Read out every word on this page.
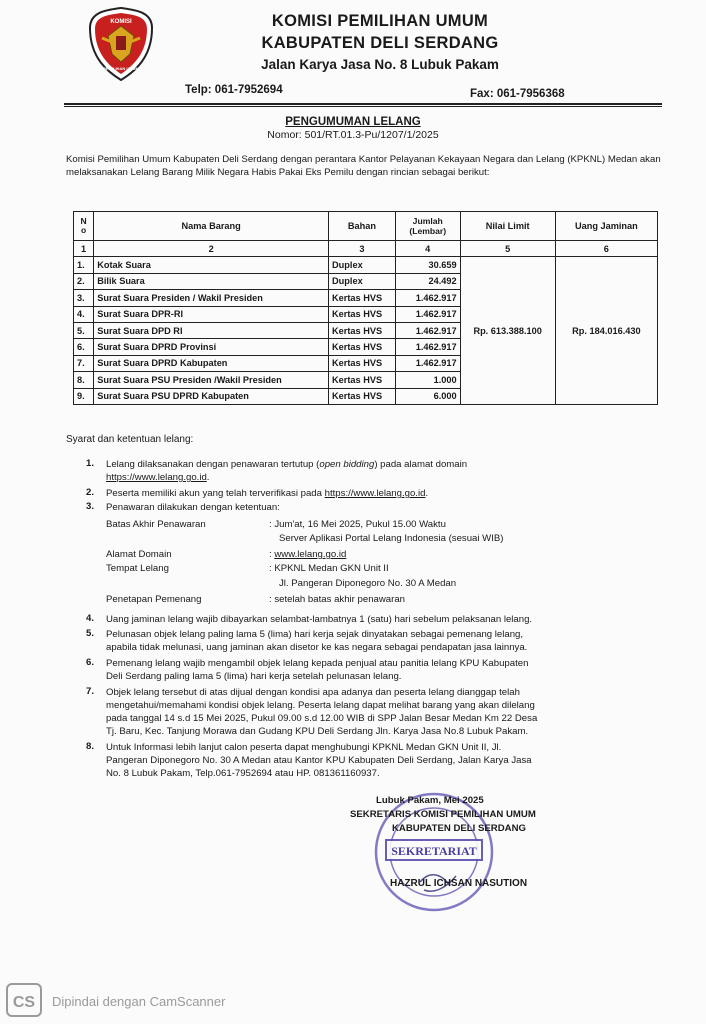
KOMISI
PEMILIHAN UMUM
KOMISI PEMILIHAN UMUM
KABUPATEN DELI SERDANG
Jalan Karya Jasa No. 8 Lubuk Pakam
Telp: 061-7952694	Fax: 061-7956368
PENGUMUMAN LELANG
Nomor: 501/RT.01.3-Pu/1207/1/2025
Komisi Pemilihan Umum Kabupaten Deli Serdang dengan perantara Kantor Pelayanan Kekayaan Negara dan Lelang (KPKNL) Medan akan melaksanakan Lelang Barang Milik Negara Habis Pakai Eks Pemilu dengan rincian sebagai berikut:
N o	Nama Barang	Bahan	Jumlah (Lembar)	Nilai Limit	Uang Jaminan
1	2	3	4	5	6
1.	Kotak Suara	Duplex	30.659	Rp. 613.388.100	Rp. 184.016.430
2.	Bilik Suara	Duplex	24.492		
3.	Surat Suara Presiden / Wakil Presiden	Kertas HVS	1.462.917		
4.	Surat Suara DPR-RI	Kertas HVS	1.462.917		
5.	Surat Suara DPD RI	Kertas HVS	1.462.917		
6.	Surat Suara DPRD Provinsi	Kertas HVS	1.462.917		
7.	Surat Suara DPRD Kabupaten	Kertas HVS	1.462.917		
8.	Surat Suara PSU Presiden /Wakil Presiden	Kertas HVS	1.000		
9.	Surat Suara PSU DPRD Kabupaten	Kertas HVS	6.000		
Syarat dan ketentuan lelang:
1. Lelang dilaksanakan dengan penawaran tertutup (open bidding) pada alamat domain
https://www.lelang.go.id.
2. Peserta memiliki akun yang telah terverifikasi pada https://www.lelang.go.id.
3. Penawaran dilakukan dengan ketentuan:
Batas Akhir Penawaran	: Jum'at, 16 Mei 2025, Pukul 15.00 Waktu
Server Aplikasi Portal Lelang Indonesia (sesuai WIB)
Alamat Domain	: www.lelang.go.id
Tempat Lelang	: KPKNL Medan GKN Unit II
Jl. Pangeran Diponegoro No. 30 A Medan
Penetapan Pemenang	: setelah batas akhir penawaran
4. Uang jaminan lelang wajib dibayarkan selambat-lambatnya 1 (satu) hari sebelum pelaksanan lelang.
5. Pelunasan objek lelang paling lama 5 (lima) hari kerja sejak dinyatakan sebagai pemenang lelang,
apabila tidak melunasi, uang jaminan akan disetor ke kas negara sebagai pendapatan jasa lainnya.
6. Pemenang lelang wajib mengambil objek lelang kepada penjual atau panitia lelang KPU Kabupaten
Deli Serdang paling lama 5 (lima) hari kerja setelah pelunasan lelang.
7. Objek lelang tersebut di atas dijual dengan kondisi apa adanya dan peserta lelang dianggap telah
mengetahui/memahami kondisi objek lelang. Peserta lelang dapat melihat barang yang akan dilelang
pada tanggal 14 s.d 15 Mei 2025, Pukul 09.00 s.d 12.00 WIB di SPP Jalan Besar Medan Km 22 Desa
Tj. Baru, Kec. Tanjung Morawa dan Gudang KPU Deli Serdang Jln. Karya Jasa No.8 Lubuk Pakam.
8. Untuk Informasi lebih lanjut calon peserta dapat menghubungi KPKNL Medan GKN Unit II, Jl.
Pangeran Diponegoro No. 30 A Medan atau Kantor KPU Kabupaten Deli Serdang, Jalan Karya Jasa
No. 8 Lubuk Pakam, Telp.061-7952694 atau HP. 081361160937.
SEKRETARIAT
Lubuk Pakam, Mei 2025
SEKRETARIS KOMISI PEMILIHAN UMUM
KABUPATEN DELI SERDANG
HAZRUL ICHSAN NASUTION
CS Dipindai dengan CamScanner
